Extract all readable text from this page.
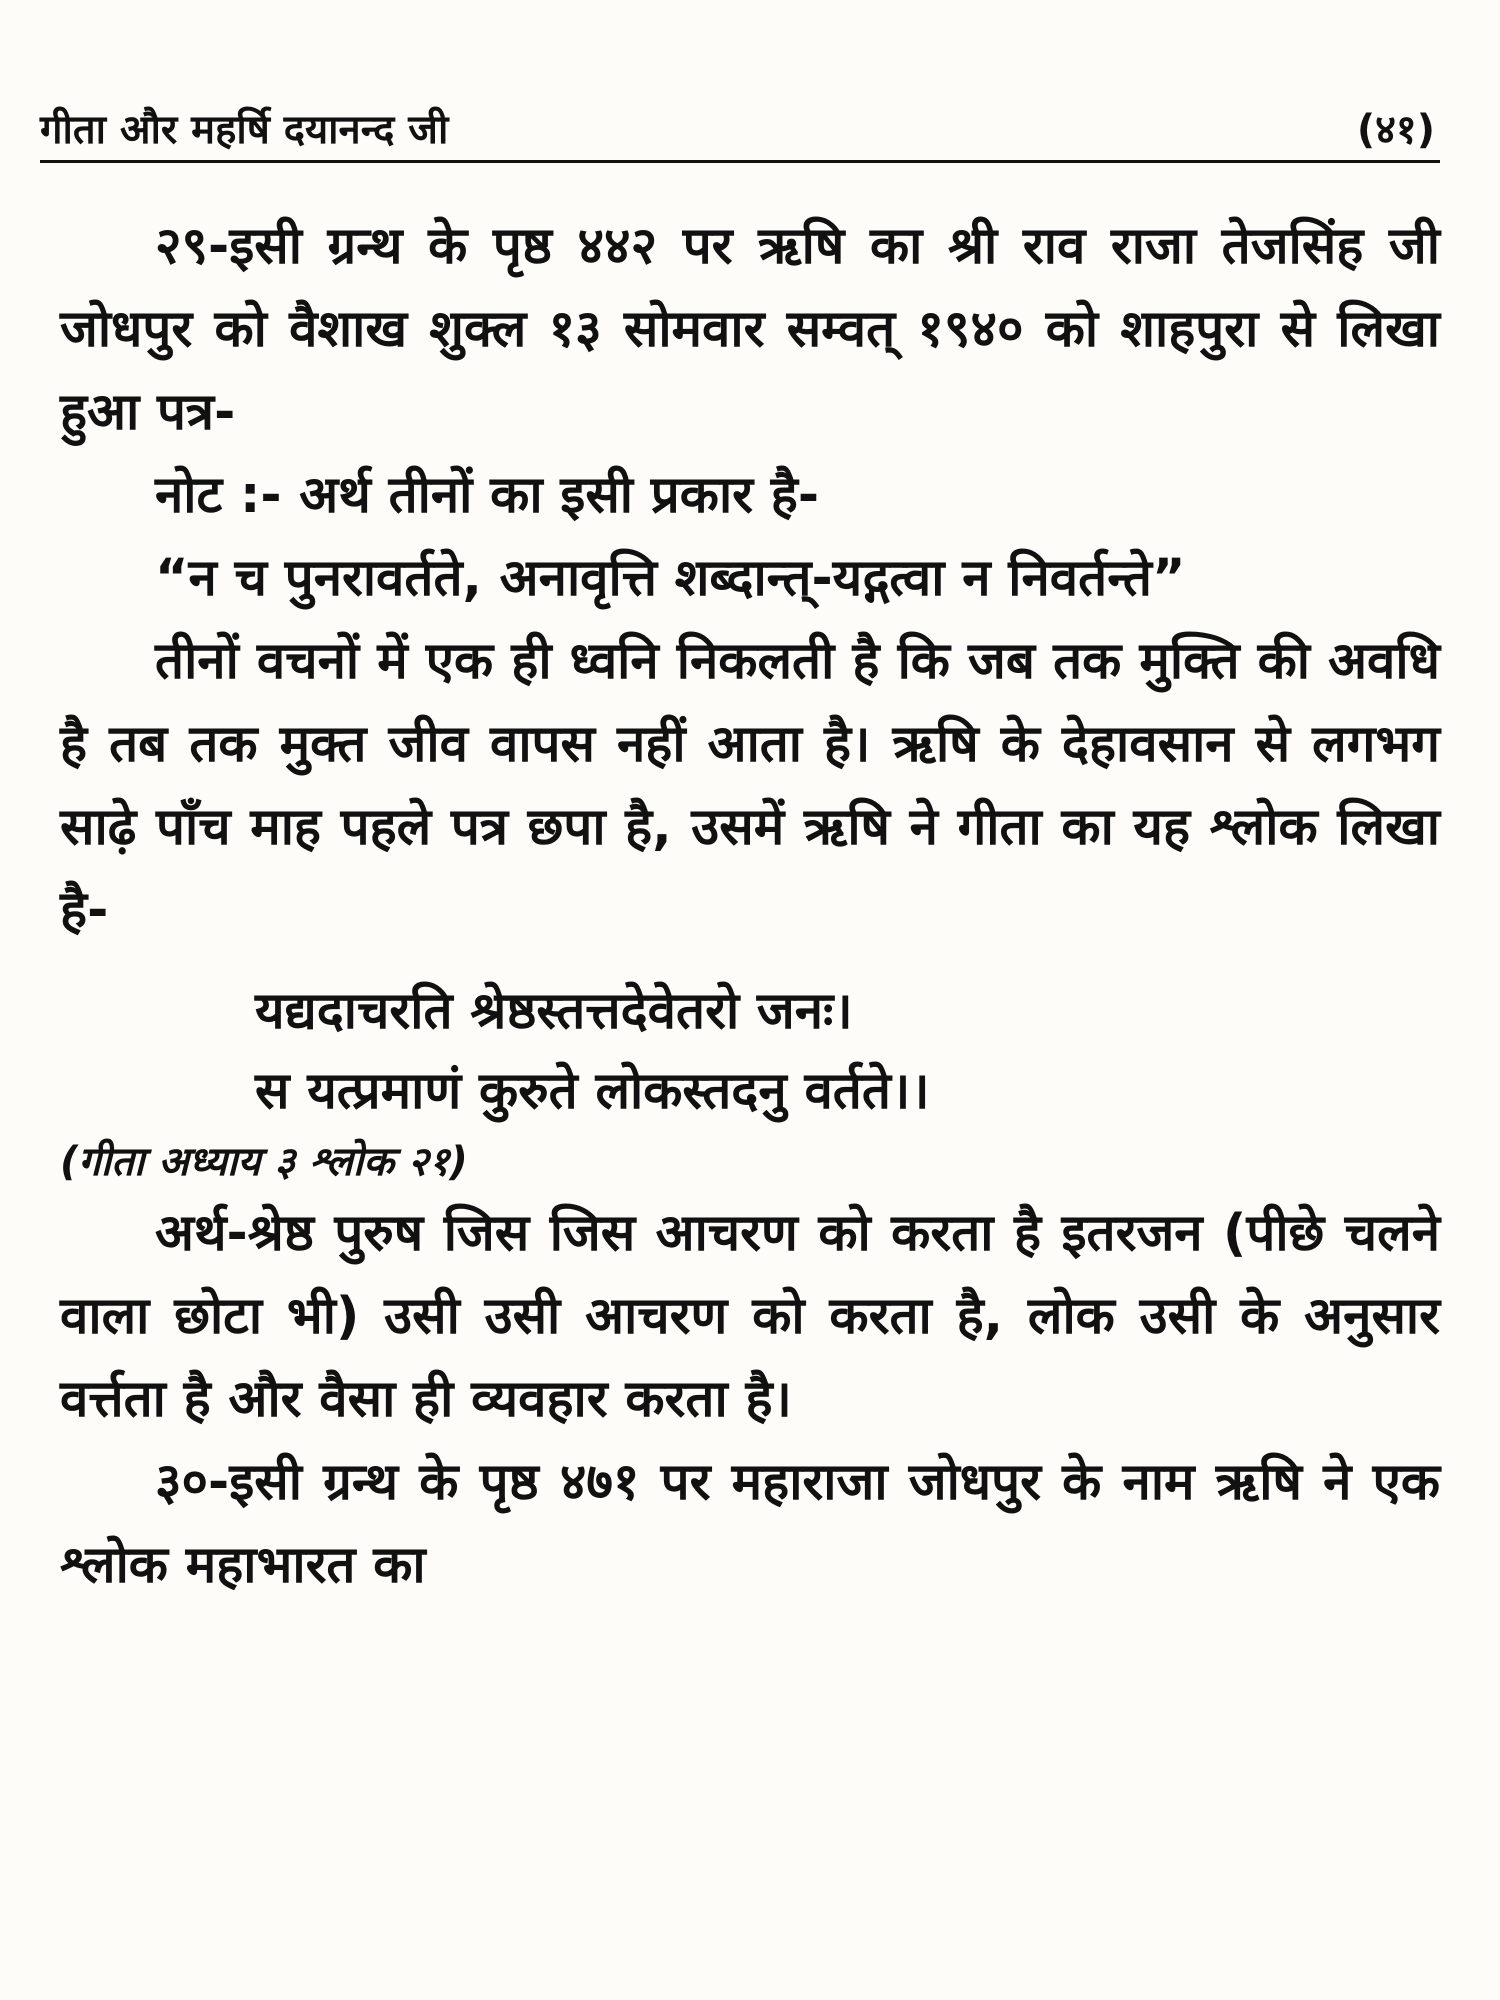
गीता और महर्षि दयानन्द जी	(४१)

२९-इसी ग्रन्थ के पृष्ठ ४४२ पर ऋषि का श्री राव राजा तेजसिंह जी जोधपुर को वैशाख शुक्ल १३ सोमवार सम्वत् १९४० को शाहपुरा से लिखा हुआ पत्र-

नोट :- अर्थ तीनों का इसी प्रकार है-

“न च पुनरावर्तते, अनावृत्ति शब्दान्त्-यद्गत्वा न निवर्तन्ते”

तीनों वचनों में एक ही ध्वनि निकलती है कि जब तक मुक्ति की अवधि है तब तक मुक्त जीव वापस नहीं आता है। ऋषि के देहावसान से लगभग साढ़े पाँच माह पहले पत्र छपा है, उसमें ऋषि ने गीता का यह श्लोक लिखा है-

यद्यदाचरति श्रेष्ठस्तत्तदेवेतरो जनः।
स यत्प्रमाणं कुरुते लोकस्तदनु वर्तते।।

(गीता अध्याय ३ श्लोक २१)

अर्थ-श्रेष्ठ पुरुष जिस जिस आचरण को करता है इतरजन (पीछे चलने वाला छोटा भी) उसी उसी आचरण को करता है, लोक उसी के अनुसार वर्त्तता है और वैसा ही व्यवहार करता है।

३०-इसी ग्रन्थ के पृष्ठ ४७१ पर महाराजा जोधपुर के नाम ऋषि ने एक श्लोक महाभारत का
